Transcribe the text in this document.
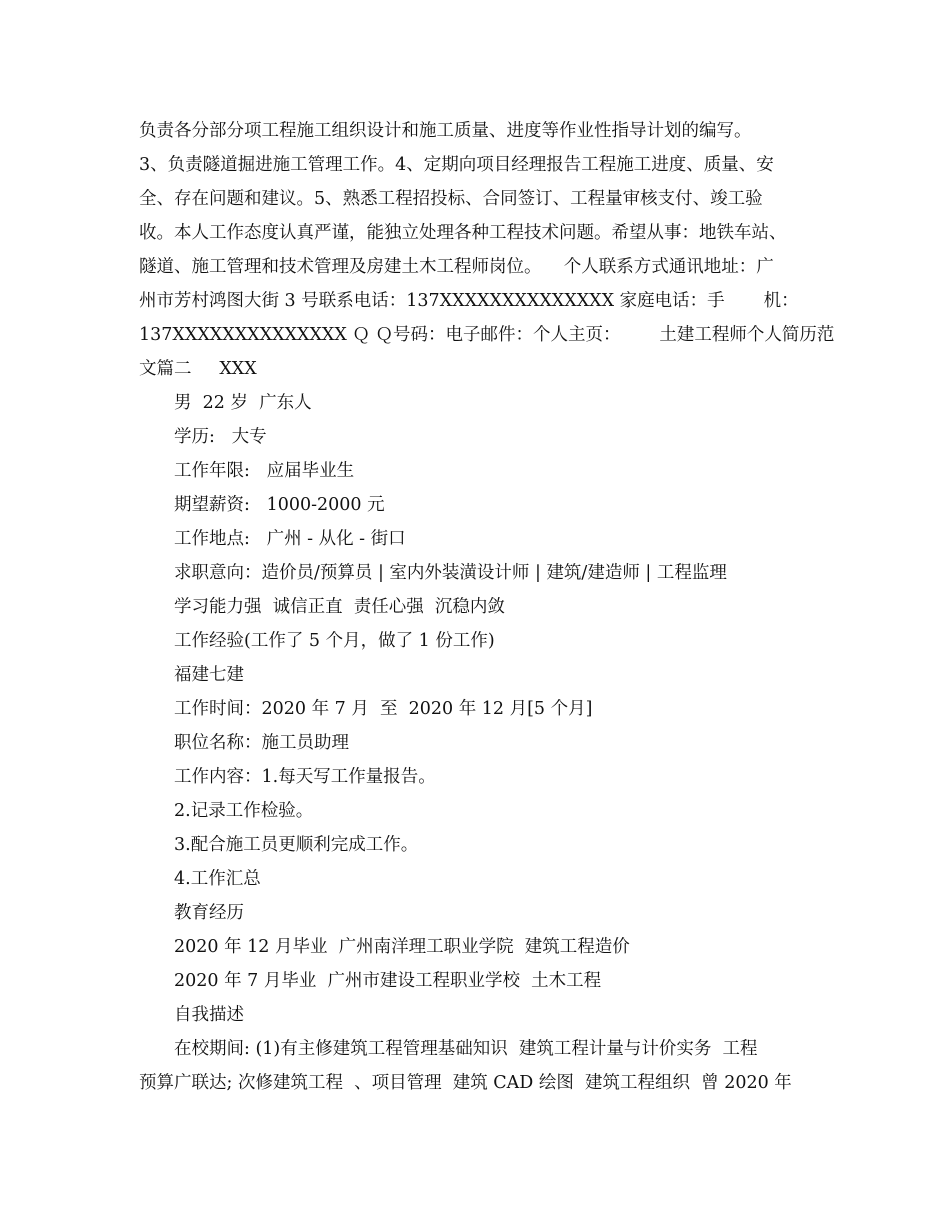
负责各分部分项工程施工组织设计和施工质量、进度等作业性指导计划的编写。

3、负责隧道掘进施工管理工作。4、定期向项目经理报告工程施工进度、质量、安

全、存在问题和建议。5、熟悉工程招投标、合同签订、工程量审核支付、竣工验

收。本人工作态度认真严谨，能独立处理各种工程技术问题。希望从事：地铁车站、

隧道、施工管理和技术管理及房建土木工程师岗位。    个人联系方式通讯地址：广

州市芳村鸿图大街 3 号联系电话：137XXXXXXXXXXXXXX 家庭电话：手       机：

137XXXXXXXXXXXXXX Ｑ Ｑ号码：电子邮件：个人主页：       土建工程师个人简历范

文篇二     XXX

男  22 岁  广东人

学历:   大专

工作年限:   应届毕业生

期望薪资:   1000-2000 元

工作地点:   广州 - 从化 - 街口

求职意向：造价员/预算员 | 室内外装潢设计师 | 建筑/建造师 | 工程监理

学习能力强  诚信正直  责任心强  沉稳内敛

工作经验(工作了 5 个月，做了 1 份工作)

福建七建

工作时间：2020 年 7 月  至  2020 年 12 月[5 个月]

职位名称：施工员助理

工作内容：1.每天写工作量报告。

2.记录工作检验。

3.配合施工员更顺利完成工作。

4.工作汇总

教育经历

2020 年 12 月毕业  广州南洋理工职业学院  建筑工程造价

2020 年 7 月毕业  广州市建设工程职业学校  土木工程

自我描述

在校期间: (1)有主修建筑工程管理基础知识  建筑工程计量与计价实务  工程

预算广联达; 次修建筑工程  、项目管理  建筑 CAD 绘图  建筑工程组织  曾 2020 年
